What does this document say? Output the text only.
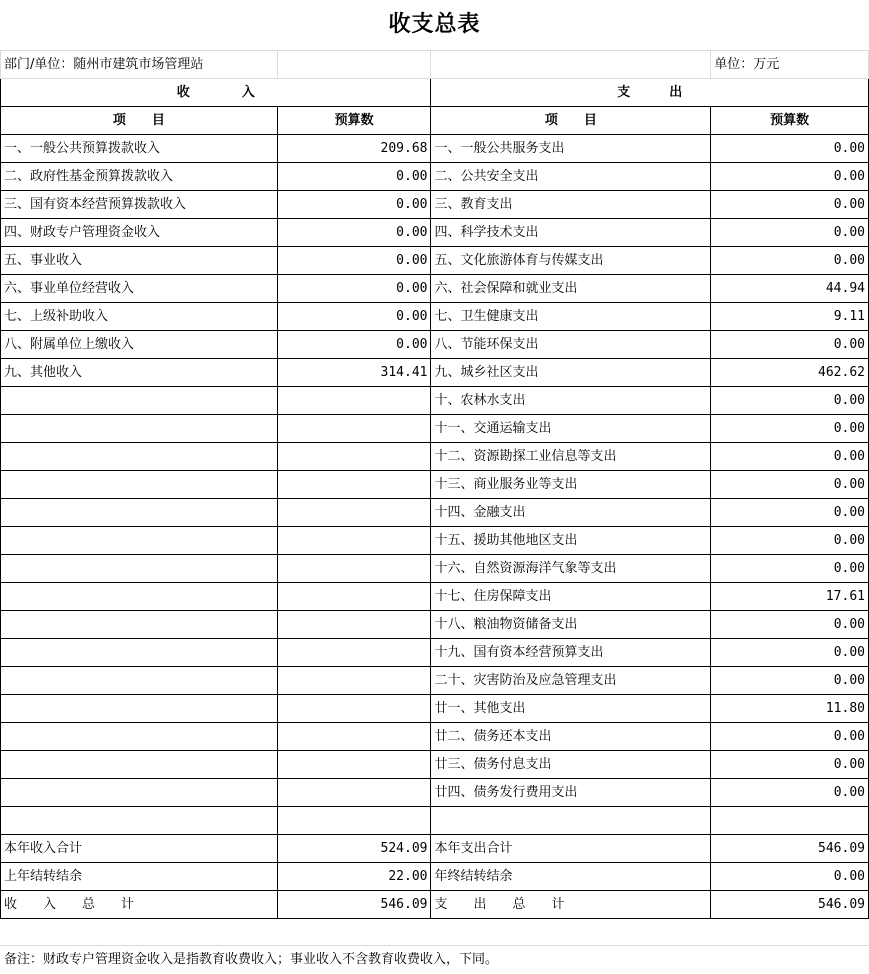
收支总表
部门/单位：随州市建筑市场管理站			单位：万元
收　　　　入		支　　　出	
项　　目	预算数	项　　目	预算数
一、一般公共预算拨款收入	209.68	一、一般公共服务支出	0.00
二、政府性基金预算拨款收入	0.00	二、公共安全支出	0.00
三、国有资本经营预算拨款收入	0.00	三、教育支出	0.00
四、财政专户管理资金收入	0.00	四、科学技术支出	0.00
五、事业收入	0.00	五、文化旅游体育与传媒支出	0.00
六、事业单位经营收入	0.00	六、社会保障和就业支出	44.94
七、上级补助收入	0.00	七、卫生健康支出	9.11
八、附属单位上缴收入	0.00	八、节能环保支出	0.00
九、其他收入	314.41	九、城乡社区支出	462.62
		十、农林水支出	0.00
		十一、交通运输支出	0.00
		十二、资源勘探工业信息等支出	0.00
		十三、商业服务业等支出	0.00
		十四、金融支出	0.00
		十五、援助其他地区支出	0.00
		十六、自然资源海洋气象等支出	0.00
		十七、住房保障支出	17.61
		十八、粮油物资储备支出	0.00
		十九、国有资本经营预算支出	0.00
		二十、灾害防治及应急管理支出	0.00
		廿一、其他支出	11.80
		廿二、债务还本支出	0.00
		廿三、债务付息支出	0.00
		廿四、债务发行费用支出	0.00

本年收入合计	524.09	本年支出合计	546.09
上年结转结余	22.00	年终结转结余	0.00
收　　入　　总　　计	546.09	支　　出　　总　　计	546.09
备注：财政专户管理资金收入是指教育收费收入；事业收入不含教育收费收入，下同。
